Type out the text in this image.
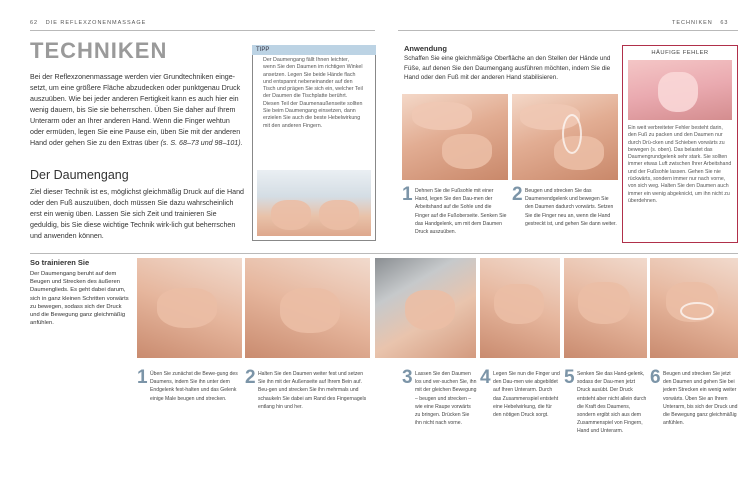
62 DIE REFLEXZONENMASSAGE	TECHNIKEN 63
TECHNIKEN
Bei der Reflexzonenmassage werden vier Grundtechniken einge-setzt, um eine größere Fläche abzudecken oder punktgenau Druck auszuüben. Wie bei jeder anderen Fertigkeit kann es auch hier ein wenig dauern, bis Sie sie beherrschen. Üben Sie daher auf Ihrem Unterarm oder an Ihrer anderen Hand. Wenn die Finger wehtun oder ermüden, legen Sie eine Pause ein, üben Sie mit der anderen Hand oder gehen Sie zu den Extras über (s. S. 68–73 und 98–101).
Der Daumengang
Ziel dieser Technik ist es, möglichst gleichmäßig Druck auf die Hand oder den Fuß auszuüben, doch müssen Sie dazu wahrscheinlich erst ein wenig üben. Lassen Sie sich Zeit und trainieren Sie geduldig, bis Sie diese wichtige Technik wirk-lich gut beherrschen und anwenden können.
TIPP
Der Daumengang fällt Ihnen leichter, wenn Sie den Daumen im richtigen Winkel ansetzen. Legen Sie beide Hände flach und entspannt nebeneinander auf den Tisch und prägen Sie sich ein, welcher Teil der Daumen die Tischplatte berührt. Diesen Teil der Daumenaußenseite sollten Sie beim Daumengang einsetzen, dann erzielen Sie auch die beste Hebelwirkung mit den anderen Fingern.
Anwendung
Schaffen Sie eine gleichmäßige Oberfläche an den Stellen der Hände und Füße, auf denen Sie den Daumengang ausführen möchten, indem Sie die Hand oder den Fuß mit der anderen Hand stabilisieren.
1 Dehnen Sie die Fußsohle mit einer Hand, legen Sie den Dau-men der Arbeitshand auf die Sohle und die Finger auf die Fußoberseite. Senken Sie das Handgelenk, um mit dem Daumen Druck auszuüben.
2 Beugen und strecken Sie das Daumenendgelenk und bewegen Sie den Daumen dadurch vorwärts. Setzen Sie die Finger neu an, wenn die Hand gestreckt ist, und gehen Sie dann weiter.
HÄUFIGE FEHLER
Ein weit verbreiteter Fehler besteht darin, den Fuß zu packen und den Daumen nur durch Drü-cken und Schieben vorwärts zu bewegen (s. oben). Das belastet das Daumengrundgelenk sehr stark. Sie sollten immer etwas Luft zwischen Ihrer Arbeitshand und der Fußsohle lassen. Gehen Sie nie rückwärts, sondern immer nur nach vorne, von sich weg. Halten Sie den Daumen auch immer ein wenig abgeknickt, um ihn nicht zu überdehnen.
So trainieren Sie
Der Daumengang beruht auf dem Beugen und Strecken des äußeren Daumenglieds. Es geht dabei darum, sich in ganz kleinen Schritten vorwärts zu bewegen, sodass sich der Druck und die Bewegung ganz gleichmäßig anfühlen.
1 Üben Sie zunächst die Bewe-gung des Daumens, indem Sie ihn unter dem Endgelenk fest-halten und das Gelenk einige Male beugen und strecken.
2 Halten Sie den Daumen weiter fest und setzen Sie ihn mit der Außenseite auf Ihrem Bein auf. Beu-gen und strecken Sie ihn mehrmals und schaukeln Sie dabei am Rand des Fingernagels entlang hin und her.
3 Lassen Sie den Daumen los und ver-suchen Sie, ihn mit der gleichen Bewegung – beugen und strecken – wie eine Raupe vorwärts zu bringen. Drücken Sie ihn nicht nach vorne.
4 Legen Sie nun die Finger und den Dau-men wie abgebildet auf Ihren Unterarm. Durch das Zusammenspiel entsteht eine Hebelwirkung, die für den nötigen Druck sorgt.
5 Senken Sie das Hand-gelenk, sodass der Dau-men jetzt Druck ausübt. Der Druck entsteht aber nicht allein durch die Kraft des Daumens, sondern ergibt sich aus dem Zusammenspiel von Fingern, Hand und Unterarm.
6 Beugen und strecken Sie jetzt den Daumen und gehen Sie bei jedem Strecken ein wenig weiter vorwärts. Üben Sie an Ihrem Unterarm, bis sich der Druck und die Bewegung ganz gleichmäßig anfühlen.
